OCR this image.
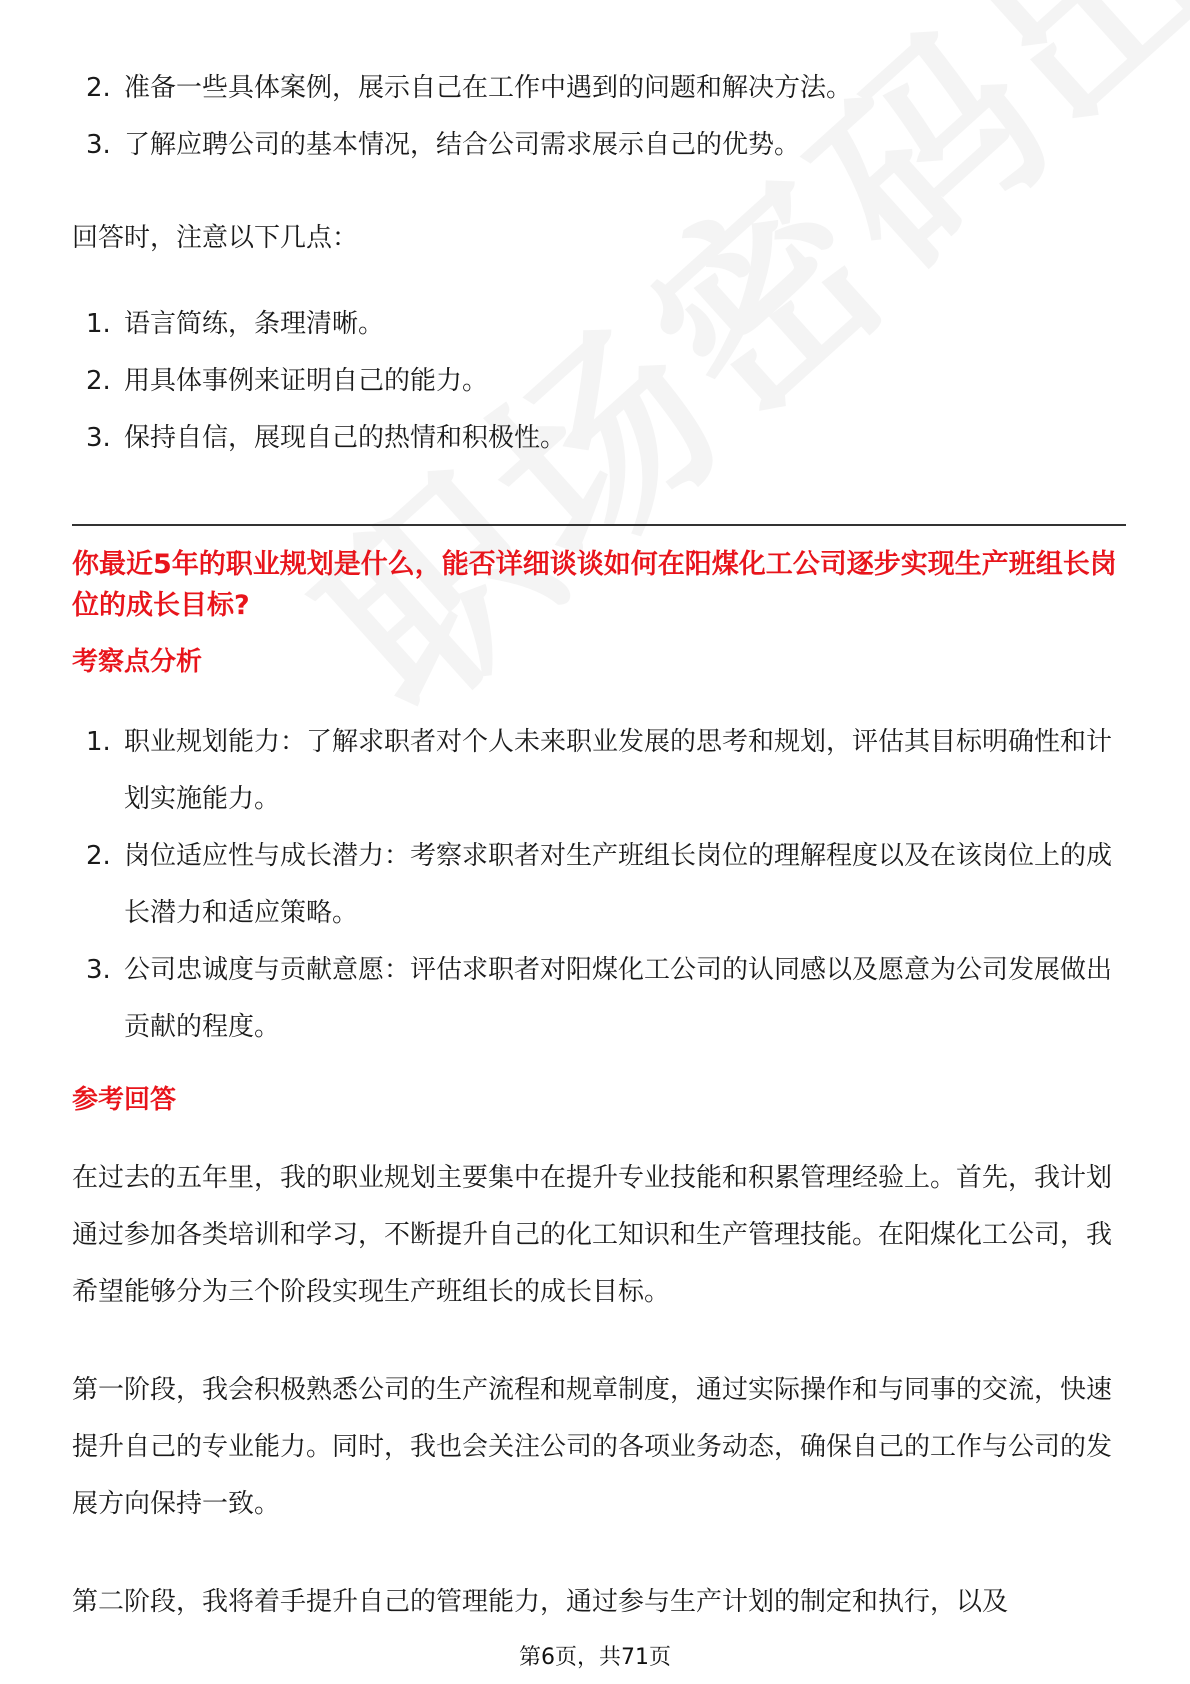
2. 准备一些具体案例，展示自己在工作中遇到的问题和解决方法。
3. 了解应聘公司的基本情况，结合公司需求展示自己的优势。

回答时，注意以下几点：

1. 语言简练，条理清晰。
2. 用具体事例来证明自己的能力。
3. 保持自信，展现自己的热情和积极性。

你最近5年的职业规划是什么，能否详细谈谈如何在阳煤化工公司逐步实现生产班组长岗位的成长目标?

考察点分析

1. 职业规划能力：了解求职者对个人未来职业发展的思考和规划，评估其目标明确性和计划实施能力。
2. 岗位适应性与成长潜力：考察求职者对生产班组长岗位的理解程度以及在该岗位上的成长潜力和适应策略。
3. 公司忠诚度与贡献意愿：评估求职者对阳煤化工公司的认同感以及愿意为公司发展做出贡献的程度。

参考回答

在过去的五年里，我的职业规划主要集中在提升专业技能和积累管理经验上。首先，我计划通过参加各类培训和学习，不断提升自己的化工知识和生产管理技能。在阳煤化工公司，我希望能够分为三个阶段实现生产班组长的成长目标。

第一阶段，我会积极熟悉公司的生产流程和规章制度，通过实际操作和与同事的交流，快速提升自己的专业能力。同时，我也会关注公司的各项业务动态，确保自己的工作与公司的发展方向保持一致。

第二阶段，我将着手提升自己的管理能力，通过参与生产计划的制定和执行，以及

第6页，共71页
